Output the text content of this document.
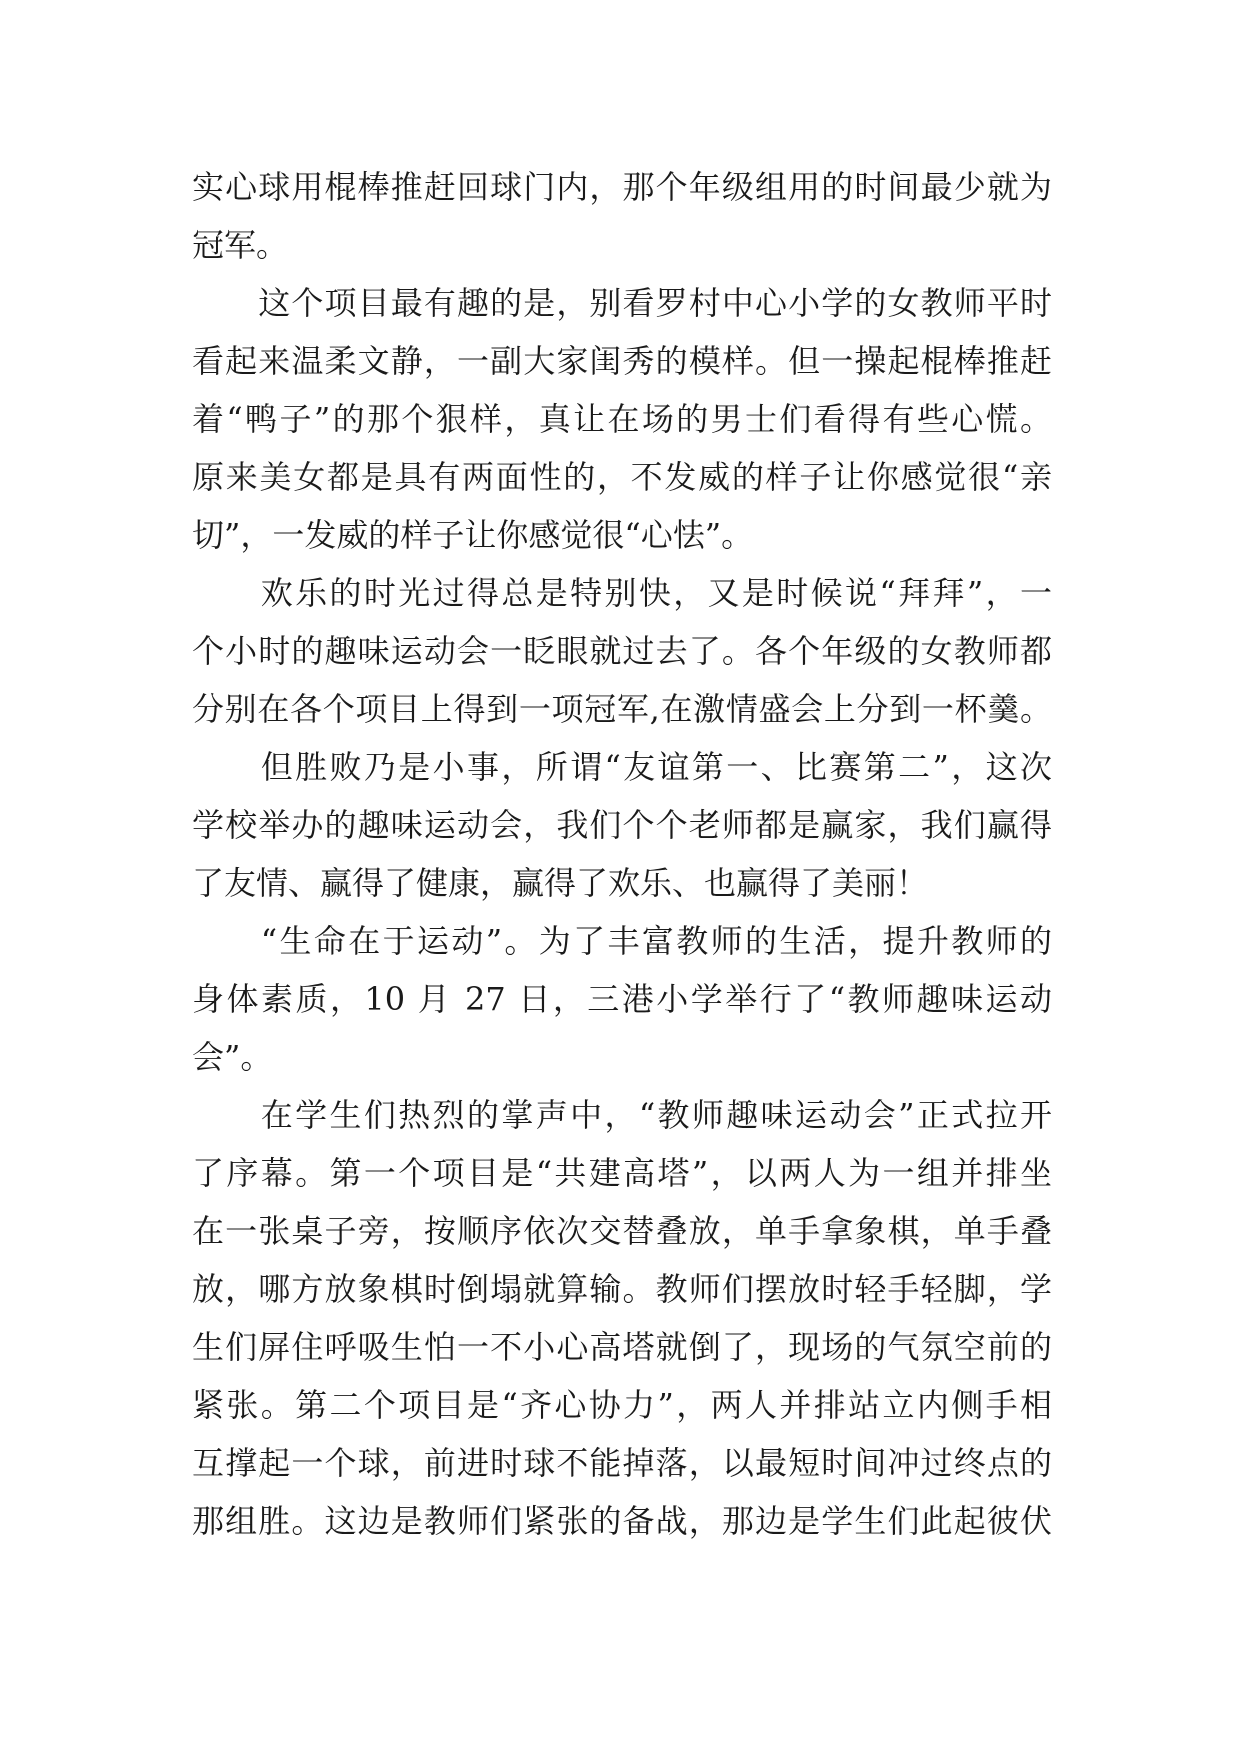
实心球用棍棒推赶回球门内，那个年级组用的时间最少就为
冠军。
　　这个项目最有趣的是，别看罗村中心小学的女教师平时
看起来温柔文静，一副大家闺秀的模样。但一操起棍棒推赶
着“鸭子”的那个狠样，真让在场的男士们看得有些心慌。
原来美女都是具有两面性的，不发威的样子让你感觉很“亲
切”，一发威的样子让你感觉很“心怯”。
　　欢乐的时光过得总是特别快，又是时候说“拜拜”，一
个小时的趣味运动会一眨眼就过去了。各个年级的女教师都
分别在各个项目上得到一项冠军,在激情盛会上分到一杯羹。
　　但胜败乃是小事，所谓“友谊第一、比赛第二”，这次
学校举办的趣味运动会，我们个个老师都是赢家，我们赢得
了友情、赢得了健康，赢得了欢乐、也赢得了美丽！
　　“生命在于运动”。为了丰富教师的生活，提升教师的
身体素质，10 月 27 日，三港小学举行了“教师趣味运动
会”。
　　在学生们热烈的掌声中，“教师趣味运动会”正式拉开
了序幕。第一个项目是“共建高塔”，以两人为一组并排坐
在一张桌子旁，按顺序依次交替叠放，单手拿象棋，单手叠
放，哪方放象棋时倒塌就算输。教师们摆放时轻手轻脚，学
生们屏住呼吸生怕一不小心高塔就倒了，现场的气氛空前的
紧张。第二个项目是“齐心协力”，两人并排站立内侧手相
互撑起一个球，前进时球不能掉落，以最短时间冲过终点的
那组胜。这边是教师们紧张的备战，那边是学生们此起彼伏
